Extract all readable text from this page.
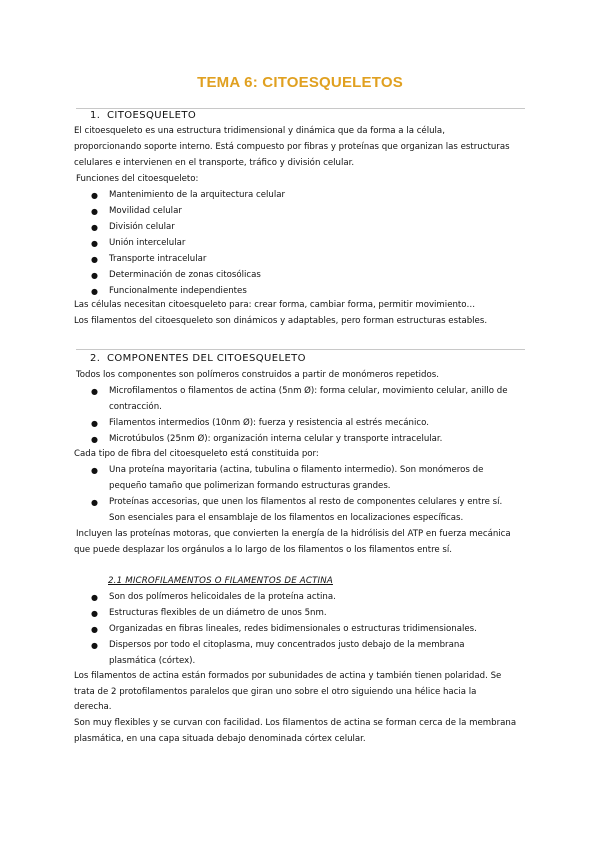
TEMA 6: CITOESQUELETOS
1. CITOESQUELETO
El citoesqueleto es una estructura tridimensional y dinámica que da forma a la célula,
proporcionando soporte interno. Está compuesto por fibras y proteínas que organizan las estructuras
celulares e intervienen en el transporte, tráfico y división celular.
Funciones del citoesqueleto:
● Mantenimiento de la arquitectura celular
● Movilidad celular
● División celular
● Unión intercelular
● Transporte intracelular
● Determinación de zonas citosólicas
● Funcionalmente independientes
Las células necesitan citoesqueleto para: crear forma, cambiar forma, permitir movimiento…
Los filamentos del citoesqueleto son dinámicos y adaptables, pero forman estructuras estables.
2. COMPONENTES DEL CITOESQUELETO
Todos los componentes son polímeros construidos a partir de monómeros repetidos.
● Microfilamentos o filamentos de actina (5nm Ø): forma celular, movimiento celular, anillo de
contracción.
● Filamentos intermedios (10nm Ø): fuerza y resistencia al estrés mecánico.
● Microtúbulos (25nm Ø): organización interna celular y transporte intracelular.
Cada tipo de fibra del citoesqueleto está constituida por:
● Una proteína mayoritaria (actina, tubulina o filamento intermedio). Son monómeros de
pequeño tamaño que polimerizan formando estructuras grandes.
● Proteínas accesorias, que unen los filamentos al resto de componentes celulares y entre sí.
Son esenciales para el ensamblaje de los filamentos en localizaciones específicas.
Incluyen las proteínas motoras, que convierten la energía de la hidrólisis del ATP en fuerza mecánica
que puede desplazar los orgánulos a lo largo de los filamentos o los filamentos entre sí.
2.1 MICROFILAMENTOS O FILAMENTOS DE ACTINA
● Son dos polímeros helicoidales de la proteína actina.
● Estructuras flexibles de un diámetro de unos 5nm.
● Organizadas en fibras lineales, redes bidimensionales o estructuras tridimensionales.
● Dispersos por todo el citoplasma, muy concentrados justo debajo de la membrana
plasmática (córtex).
Los filamentos de actina están formados por subunidades de actina y también tienen polaridad. Se
trata de 2 protofilamentos paralelos que giran uno sobre el otro siguiendo una hélice hacia la
derecha.
Son muy flexibles y se curvan con facilidad. Los filamentos de actina se forman cerca de la membrana
plasmática, en una capa situada debajo denominada córtex celular.
